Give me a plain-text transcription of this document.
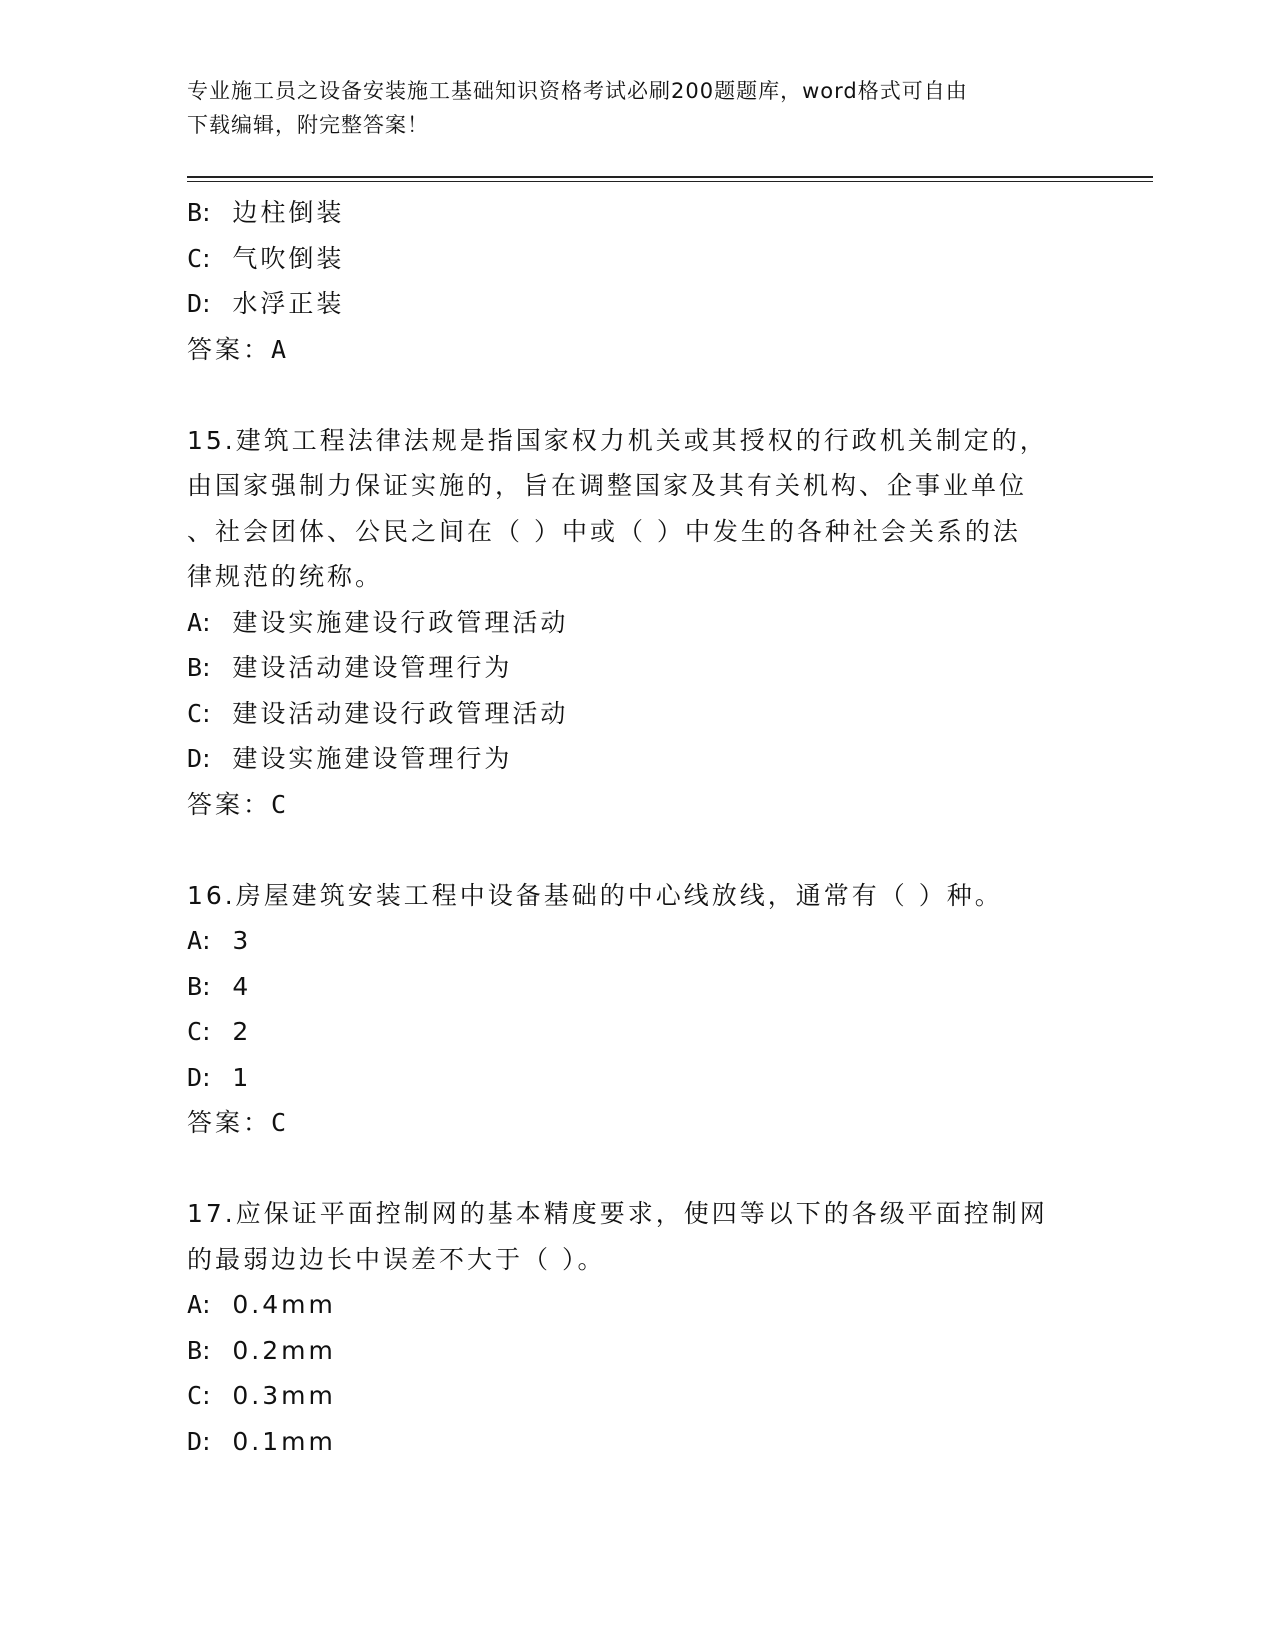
专业施工员之设备安装施工基础知识资格考试必刷200题题库，word格式可自由
下载编辑，附完整答案！
B: 边柱倒装
C: 气吹倒装
D: 水浮正装
答案：A
15.建筑工程法律法规是指国家权力机关或其授权的行政机关制定的，
由国家强制力保证实施的，旨在调整国家及其有关机构、企事业单位
、社会团体、公民之间在（ ）中或（ ）中发生的各种社会关系的法
律规范的统称。
A: 建设实施建设行政管理活动
B: 建设活动建设管理行为
C: 建设活动建设行政管理活动
D: 建设实施建设管理行为
答案：C
16.房屋建筑安装工程中设备基础的中心线放线，通常有（ ）种。
A: 3
B: 4
C: 2
D: 1
答案：C
17.应保证平面控制网的基本精度要求，使四等以下的各级平面控制网
的最弱边边长中误差不大于（ ）。
A: 0.4mm
B: 0.2mm
C: 0.3mm
D: 0.1mm
